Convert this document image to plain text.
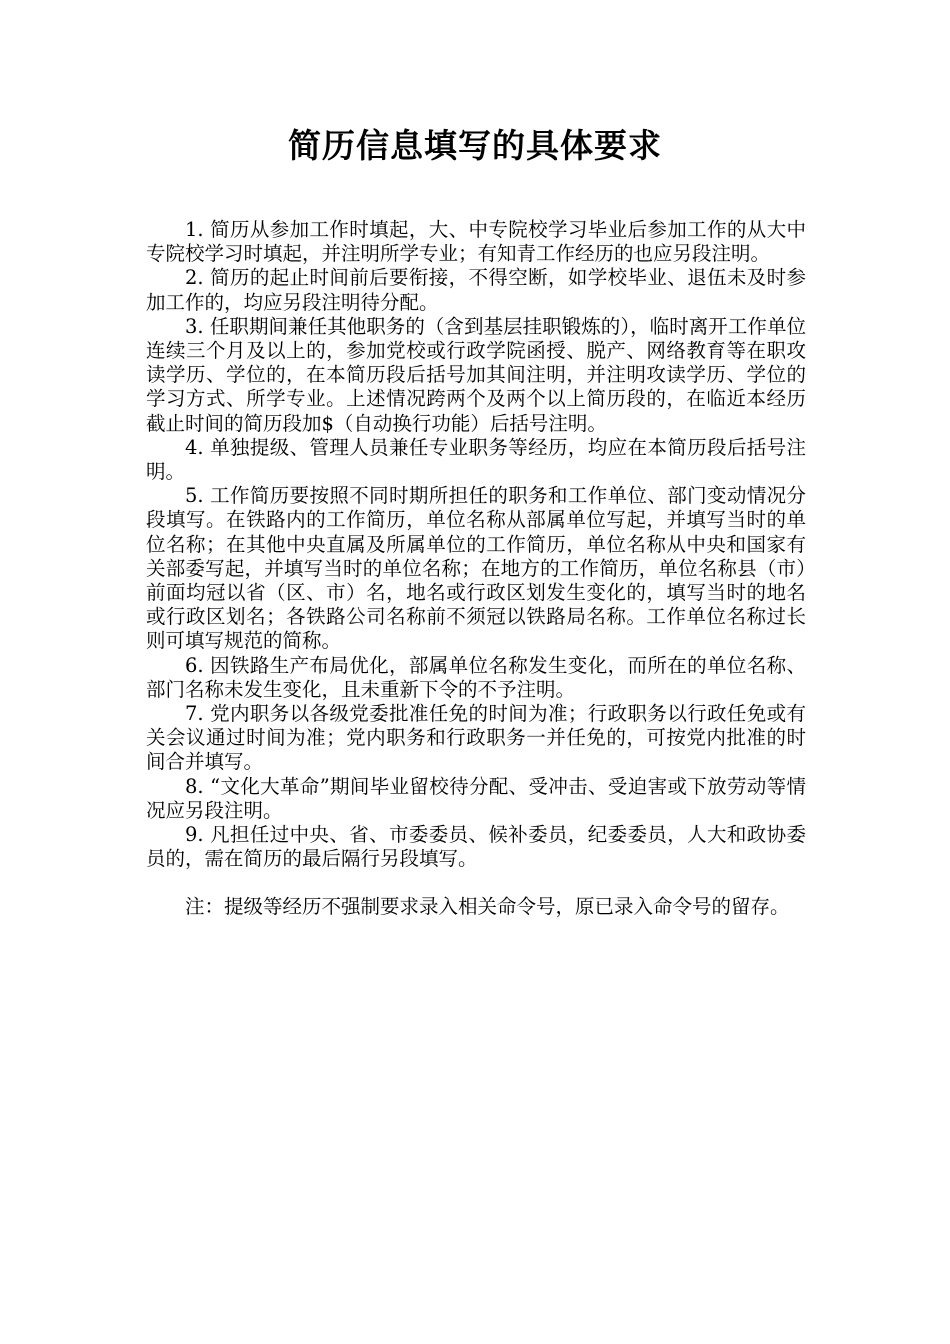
简历信息填写的具体要求

1. 简历从参加工作时填起，大、中专院校学习毕业后参加工作的从大中专院校学习时填起，并注明所学专业；有知青工作经历的也应另段注明。

2. 简历的起止时间前后要衔接，不得空断，如学校毕业、退伍未及时参加工作的，均应另段注明待分配。

3. 任职期间兼任其他职务的（含到基层挂职锻炼的），临时离开工作单位连续三个月及以上的，参加党校或行政学院函授、脱产、网络教育等在职攻读学历、学位的，在本简历段后括号加其间注明，并注明攻读学历、学位的学习方式、所学专业。上述情况跨两个及两个以上简历段的，在临近本经历截止时间的简历段加$（自动换行功能）后括号注明。

4. 单独提级、管理人员兼任专业职务等经历，均应在本简历段后括号注明。

5. 工作简历要按照不同时期所担任的职务和工作单位、部门变动情况分段填写。在铁路内的工作简历，单位名称从部属单位写起，并填写当时的单位名称；在其他中央直属及所属单位的工作简历，单位名称从中央和国家有关部委写起，并填写当时的单位名称；在地方的工作简历，单位名称县（市）前面均冠以省（区、市）名，地名或行政区划发生变化的，填写当时的地名或行政区划名；各铁路公司名称前不须冠以铁路局名称。工作单位名称过长则可填写规范的简称。

6. 因铁路生产布局优化，部属单位名称发生变化，而所在的单位名称、部门名称未发生变化，且未重新下令的不予注明。

7. 党内职务以各级党委批准任免的时间为准；行政职务以行政任免或有关会议通过时间为准；党内职务和行政职务一并任免的，可按党内批准的时间合并填写。

8. “文化大革命”期间毕业留校待分配、受冲击、受迫害或下放劳动等情况应另段注明。

9. 凡担任过中央、省、市委委员、候补委员，纪委委员，人大和政协委员的，需在简历的最后隔行另段填写。

注：提级等经历不强制要求录入相关命令号，原已录入命令号的留存。
